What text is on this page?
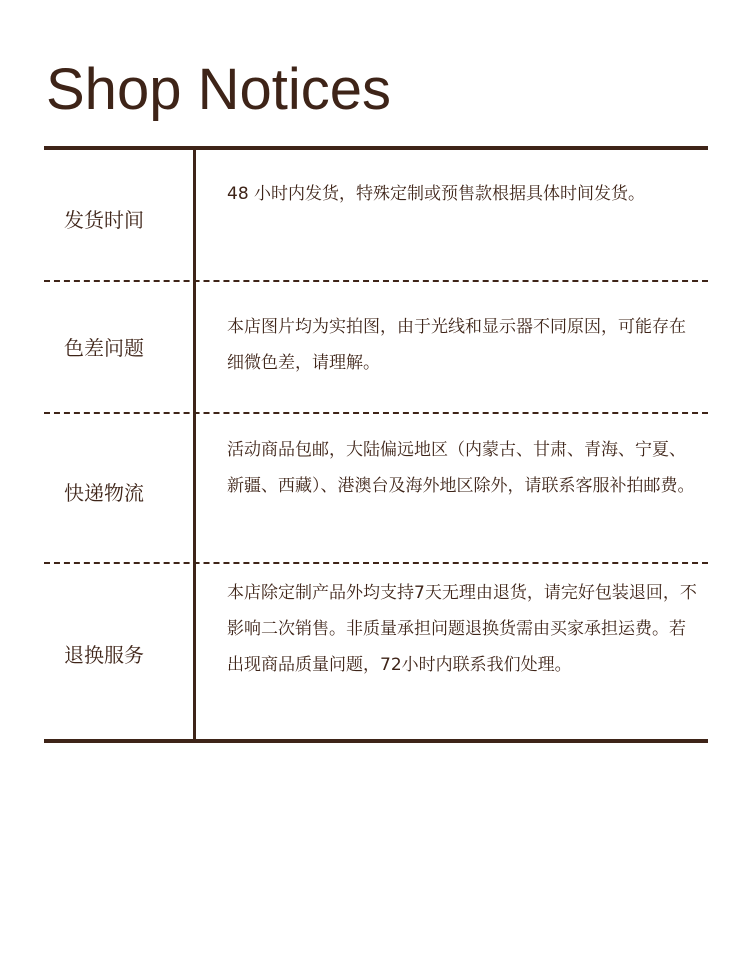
Shop Notices
发货时间

48 小时内发货，特殊定制或预售款根据具体时间发货。

色差问题

本店图片均为实拍图，由于光线和显示器不同原因，可能存在细微色差，请理解。

快递物流

活动商品包邮，大陆偏远地区（内蒙古、甘肃、青海、宁夏、新疆、西藏）、港澳台及海外地区除外，请联系客服补拍邮费。

退换服务

本店除定制产品外均支持7天无理由退货，请完好包装退回，不影响二次销售。非质量承担问题退换货需由买家承担运费。若出现商品质量问题，72小时内联系我们处理。
